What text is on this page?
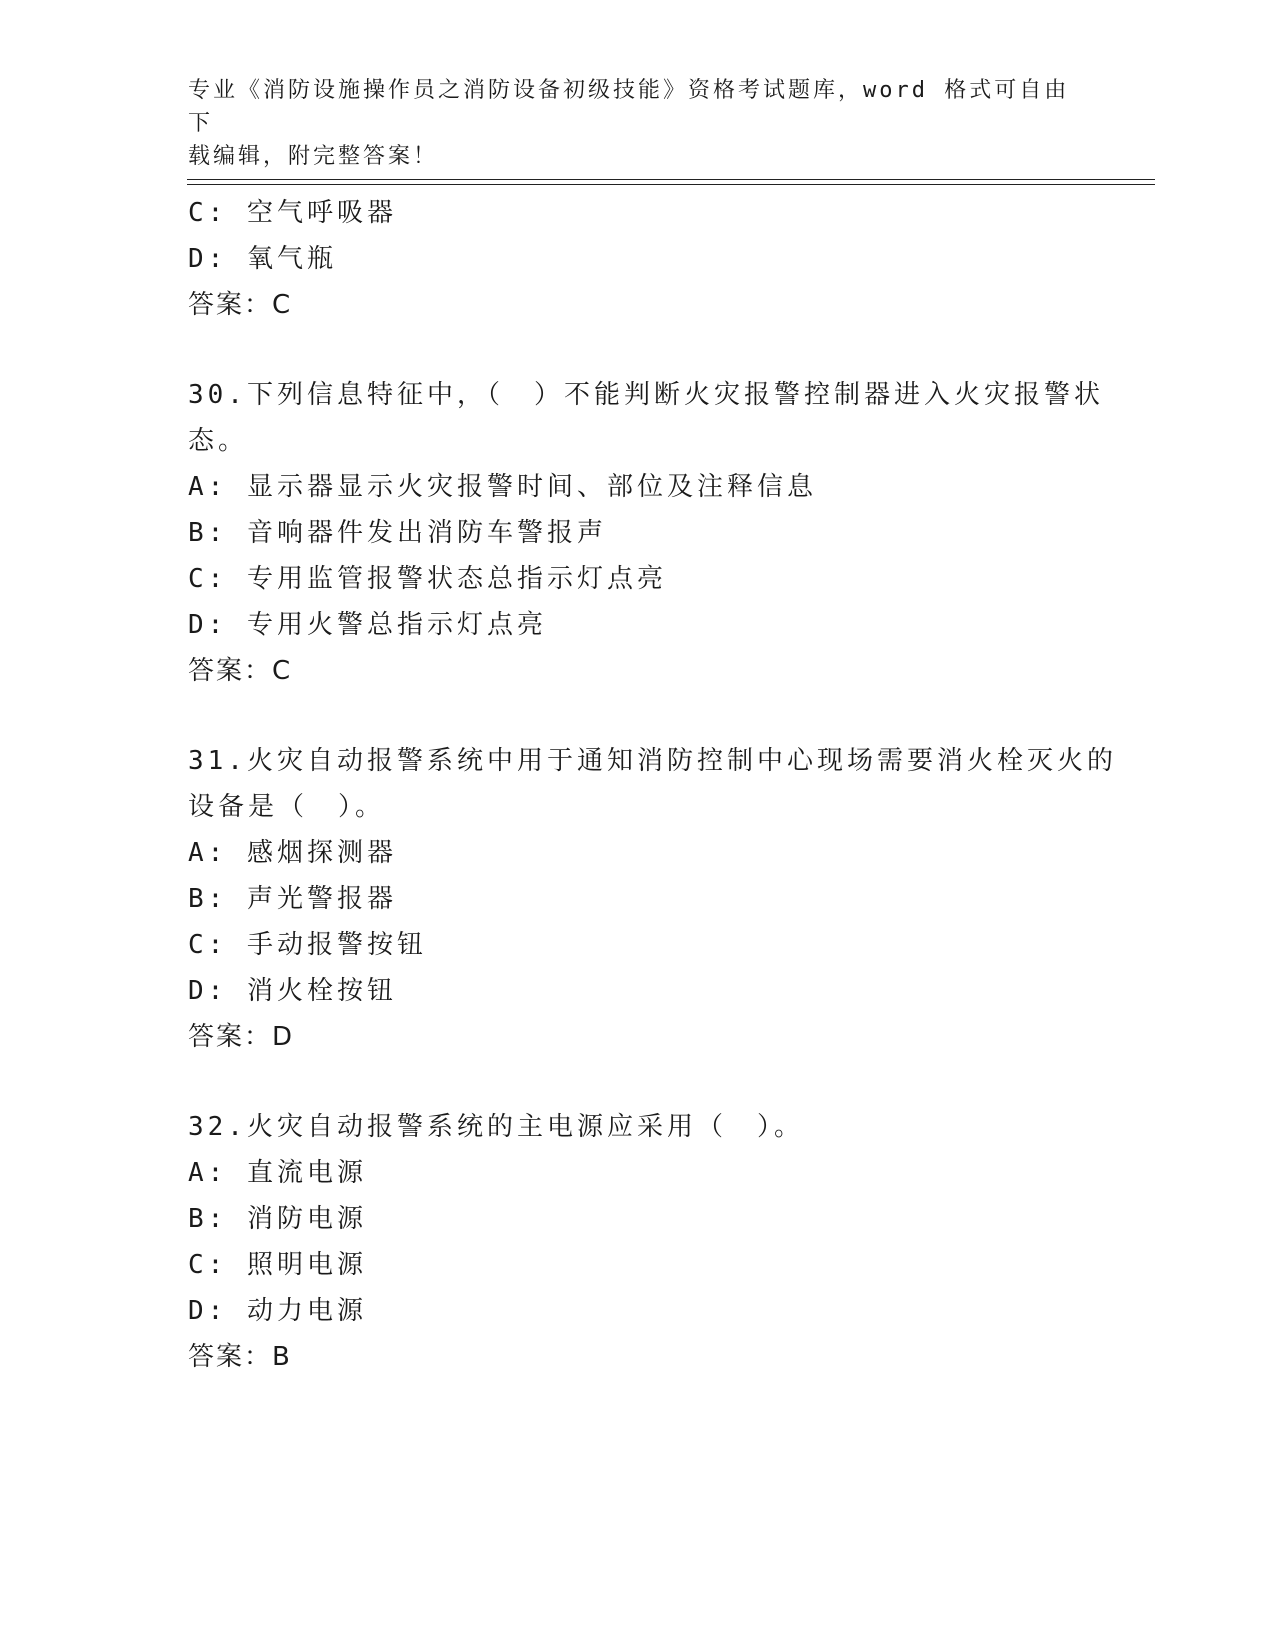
专业《消防设施操作员之消防设备初级技能》资格考试题库，word 格式可自由下
载编辑，附完整答案！
C: 空气呼吸器
D: 氧气瓶
答案：C
30.下列信息特征中，（　）不能判断火灾报警控制器进入火灾报警状
态。
A: 显示器显示火灾报警时间、部位及注释信息
B: 音响器件发出消防车警报声
C: 专用监管报警状态总指示灯点亮
D: 专用火警总指示灯点亮
答案：C
31.火灾自动报警系统中用于通知消防控制中心现场需要消火栓灭火的
设备是（　）。
A: 感烟探测器
B: 声光警报器
C: 手动报警按钮
D: 消火栓按钮
答案：D
32.火灾自动报警系统的主电源应采用（　）。
A: 直流电源
B: 消防电源
C: 照明电源
D: 动力电源
答案：B
